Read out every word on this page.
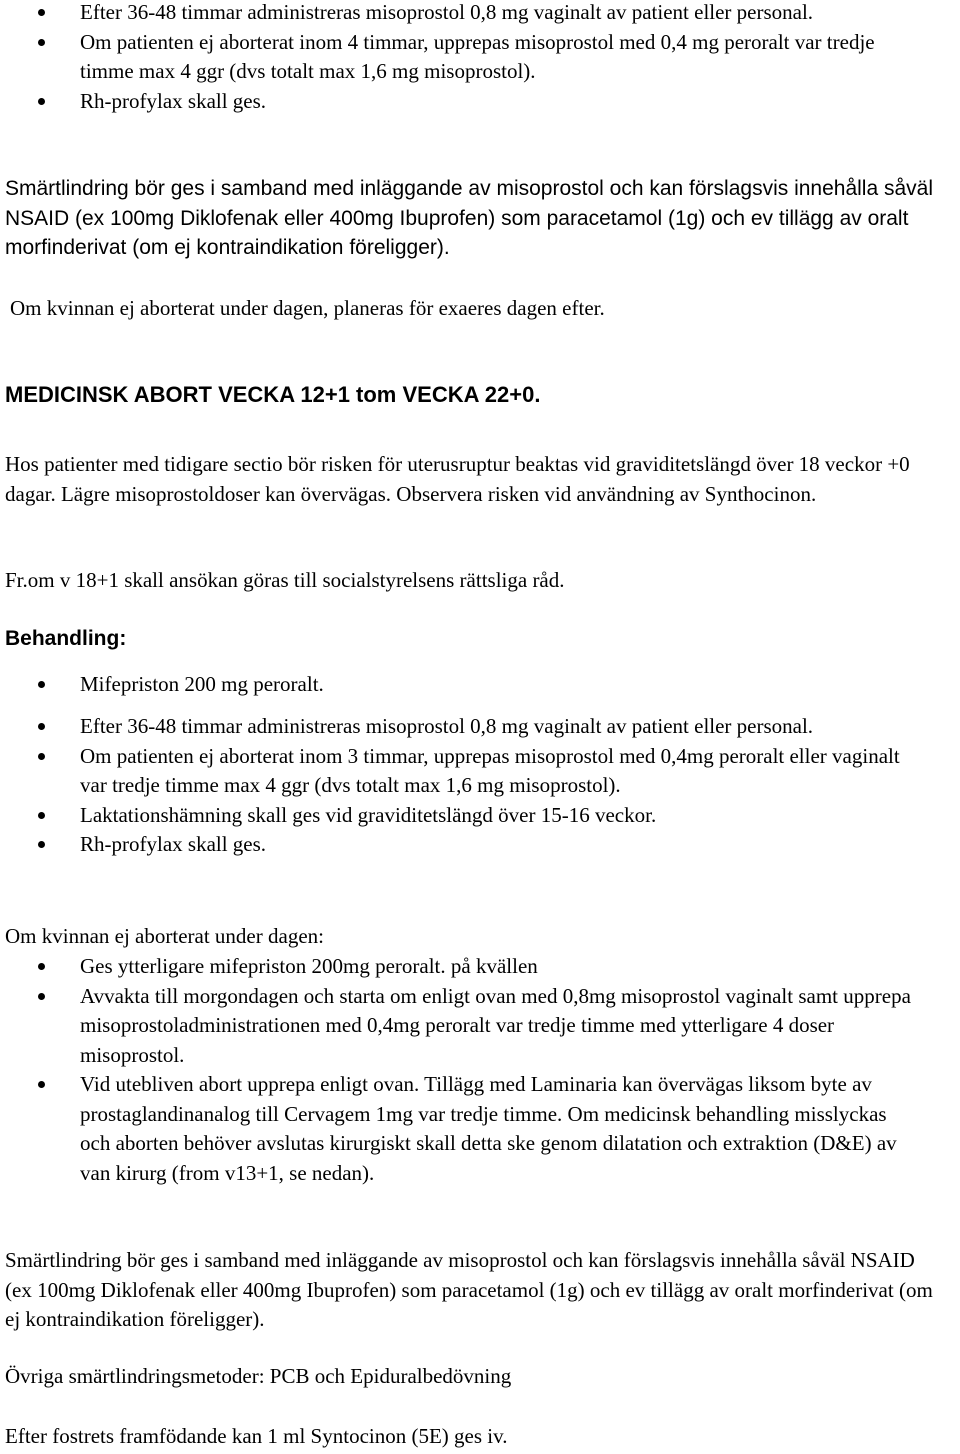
Efter 36-48 timmar administreras misoprostol 0,8 mg vaginalt av patient eller personal.
Om patienten ej aborterat inom 4 timmar, upprepas misoprostol med 0,4 mg peroralt var tredje timme max 4 ggr (dvs totalt max 1,6 mg misoprostol).
Rh-profylax skall ges.

Smärtlindring bör ges i samband med inläggande av misoprostol och kan förslagsvis innehålla såväl NSAID (ex 100mg Diklofenak eller 400mg Ibuprofen) som paracetamol (1g) och ev tillägg av oralt morfinderivat (om ej kontraindikation föreligger).

Om kvinnan ej aborterat under dagen, planeras för exaeres dagen efter.

MEDICINSK ABORT VECKA 12+1 tom VECKA 22+0.

Hos patienter med tidigare sectio bör risken för uterusruptur beaktas vid graviditetslängd över 18 veckor +0 dagar. Lägre misoprostoldoser kan övervägas. Observera risken vid användning av Synthocinon.

Fr.om v 18+1 skall ansökan göras till socialstyrelsens rättsliga råd.

Behandling:
Mifepriston 200 mg peroralt.
Efter 36-48 timmar administreras misoprostol 0,8 mg vaginalt av patient eller personal.
Om patienten ej aborterat inom 3 timmar, upprepas misoprostol med 0,4mg peroralt eller vaginalt var tredje timme max 4 ggr (dvs totalt max 1,6 mg misoprostol).
Laktationshämning skall ges vid graviditetslängd över 15-16 veckor.
Rh-profylax skall ges.

Om kvinnan ej aborterat under dagen:

Ges ytterligare mifepriston 200mg peroralt. på kvällen
Avvakta till morgondagen och starta om enligt ovan med 0,8mg misoprostol vaginalt samt upprepa misoprostoladministrationen med 0,4mg peroralt var tredje timme med ytterligare 4 doser misoprostol.
Vid utebliven abort upprepa enligt ovan. Tillägg med Laminaria kan övervägas liksom byte av prostaglandinanalog till Cervagem 1mg var tredje timme. Om medicinsk behandling misslyckas och aborten behöver avslutas kirurgiskt skall detta ske genom dilatation och extraktion (D&E) av van kirurg (from v13+1, se nedan).

Smärtlindring bör ges i samband med inläggande av misoprostol och kan förslagsvis innehålla såväl NSAID (ex 100mg Diklofenak eller 400mg Ibuprofen) som paracetamol (1g) och ev tillägg av oralt morfinderivat (om ej kontraindikation föreligger).

Övriga smärtlindringsmetoder: PCB och Epiduralbedövning

Efter fostrets framfödande kan 1 ml Syntocinon (5E) ges iv.
